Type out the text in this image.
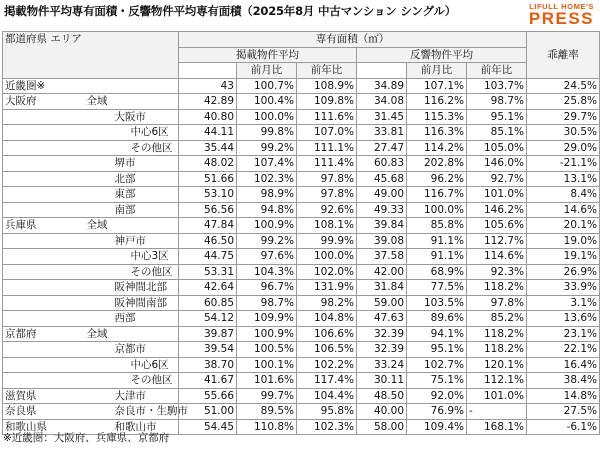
掲載物件平均専有面積・反響物件平均専有面積（2025年8月 中古マンション シングル）	LIFULL HOME'S
PRESS
都道府県 エリア		専有面積（㎡）						乖離率
		掲載物件平均			反響物件平均			
			前月比	前年比		前月比	前年比	
近畿圏※		43	100.7%	108.9%	34.89	107.1%	103.7%	24.5%
大阪府	全域	42.89	100.4%	109.8%	34.08	116.2%	98.7%	25.8%
	大阪市	40.80	100.0%	111.6%	31.45	115.3%	95.1%	29.7%
	中心6区	44.11	99.8%	107.0%	33.81	116.3%	85.1%	30.5%
	その他区	35.44	99.2%	111.1%	27.47	114.2%	105.0%	29.0%
	堺市	48.02	107.4%	111.4%	60.83	202.8%	146.0%	-21.1%
	北部	51.66	102.3%	97.8%	45.68	96.2%	92.7%	13.1%
	東部	53.10	98.9%	97.8%	49.00	116.7%	101.0%	8.4%
	南部	56.56	94.8%	92.6%	49.33	100.0%	146.2%	14.6%
兵庫県	全域	47.84	100.9%	108.1%	39.84	85.8%	105.6%	20.1%
	神戸市	46.50	99.2%	99.9%	39.08	91.1%	112.7%	19.0%
	中心3区	44.75	97.6%	100.0%	37.58	91.1%	114.6%	19.1%
	その他区	53.31	104.3%	102.0%	42.00	68.9%	92.3%	26.9%
	阪神間北部	42.64	96.7%	131.9%	31.84	77.5%	118.2%	33.9%
	阪神間南部	60.85	98.7%	98.2%	59.00	103.5%	97.8%	3.1%
	西部	54.12	109.9%	104.8%	47.63	89.6%	85.2%	13.6%
京都府	全域	39.87	100.9%	106.6%	32.39	94.1%	118.2%	23.1%
	京都市	39.54	100.5%	106.5%	32.39	95.1%	118.2%	22.1%
	中心6区	38.70	100.1%	102.2%	33.24	102.7%	120.1%	16.4%
	その他区	41.67	101.6%	117.4%	30.11	75.1%	112.1%	38.4%
滋賀県	大津市	55.66	99.7%	104.4%	48.50	92.0%	101.0%	14.8%
奈良県	奈良市・生駒市	51.00	89.5%	95.8%	40.00	76.9%	-	27.5%
和歌山県	和歌山市	54.45	110.8%	102.3%	58.00	109.4%	168.1%	-6.1%
※近畿圏：大阪府、兵庫県、京都府
